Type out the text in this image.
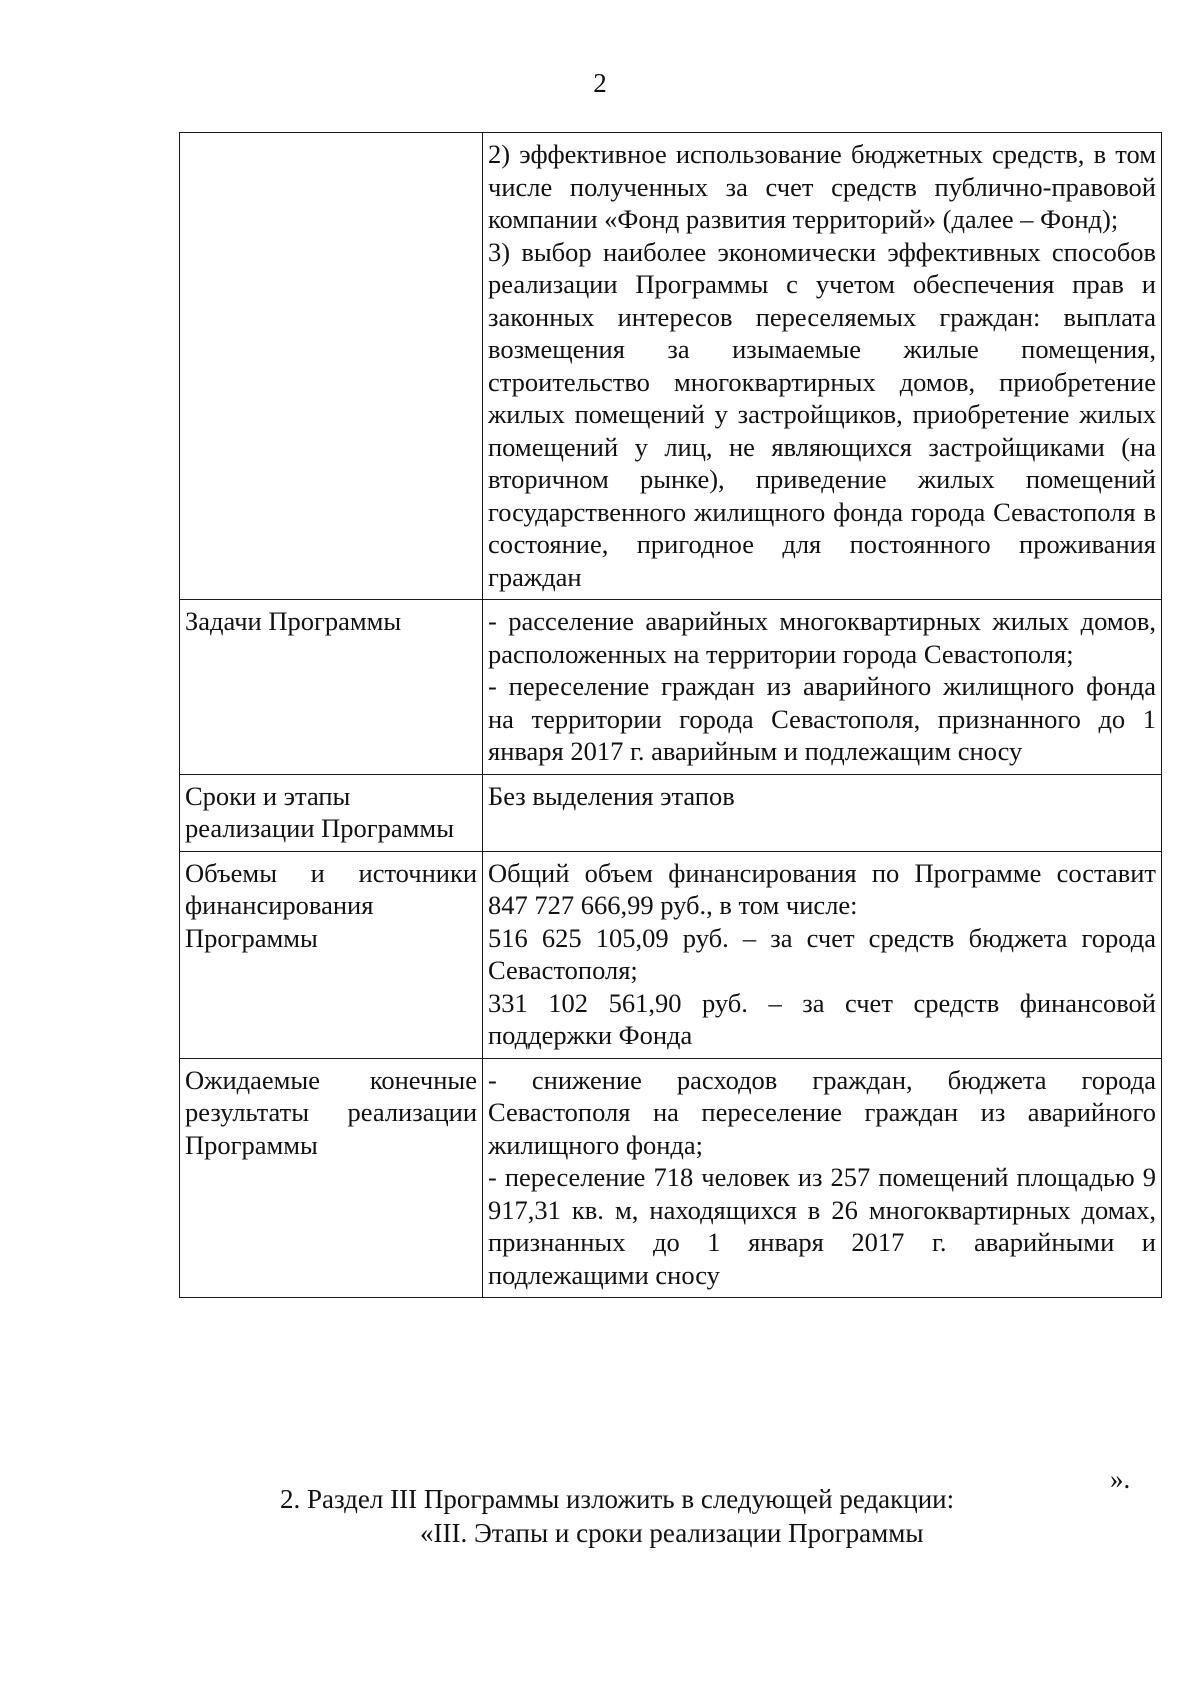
2

	2) эффективное использование бюджетных средств, в том числе полученных за счет средств публично-правовой компании «Фонд развития территорий» (далее – Фонд);
3) выбор наиболее экономически эффективных способов реализации Программы с учетом обеспечения прав и законных интересов переселяемых граждан: выплата возмещения за изымаемые жилые помещения, строительство многоквартирных домов, приобретение жилых помещений у застройщиков, приобретение жилых помещений у лиц, не являющихся застройщиками (на вторичном рынке), приведение жилых помещений государственного жилищного фонда города Севастополя в состояние, пригодное для постоянного проживания граждан

Задачи Программы	- расселение аварийных многоквартирных жилых домов, расположенных на территории города Севастополя;
- переселение граждан из аварийного жилищного фонда на территории города Севастополя, признанного до 1 января 2017 г. аварийным и подлежащим сносу

Сроки и этапы реализации Программы	Без выделения этапов

Объемы и источники финансирования Программы	Общий объем финансирования по Программе составит 847 727 666,99 руб., в том числе:
516 625 105,09 руб. – за счет средств бюджета города Севастополя;
331 102 561,90 руб. – за счет средств финансовой поддержки Фонда

Ожидаемые конечные результаты реализации Программы	- снижение расходов граждан, бюджета города Севастополя на переселение граждан из аварийного жилищного фонда;
- переселение 718 человек из 257 помещений площадью 9 917,31 кв. м, находящихся в 26 многоквартирных домах, признанных до 1 января 2017 г. аварийными и подлежащими сносу
».
2. Раздел III Программы изложить в следующей редакции:
«III. Этапы и сроки реализации Программы
